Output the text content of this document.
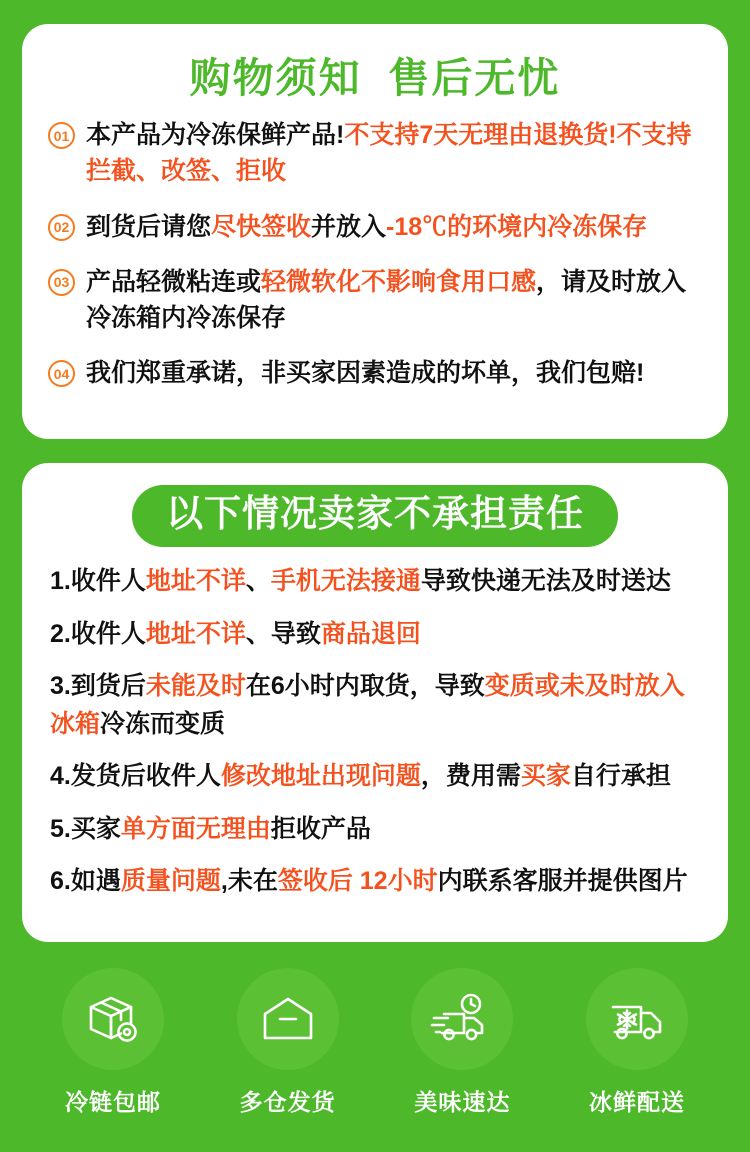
购物须知  售后无忧
01 本产品为冷冻保鲜产品!不支持7天无理由退换货!不支持拦截、改签、拒收
02 到货后请您尽快签收并放入-18℃的环境内冷冻保存
03 产品轻微粘连或轻微软化不影响食用口感，请及时放入冷冻箱内冷冻保存
04 我们郑重承诺，非买家因素造成的坏单，我们包赔!
以下情况卖家不承担责任

1.收件人地址不详、手机无法接通导致快递无法及时送达

2.收件人地址不详、导致商品退回

3.到货后未能及时在6小时内取货，导致变质或未及时放入冰箱冷冻而变质

4.发货后收件人修改地址出现问题，费用需买家自行承担

5.买家单方面无理由拒收产品

6.如遇质量问题,未在签收后 12小时内联系客服并提供图片

冷链包邮	多仓发货	美味速达	冰鲜配送
